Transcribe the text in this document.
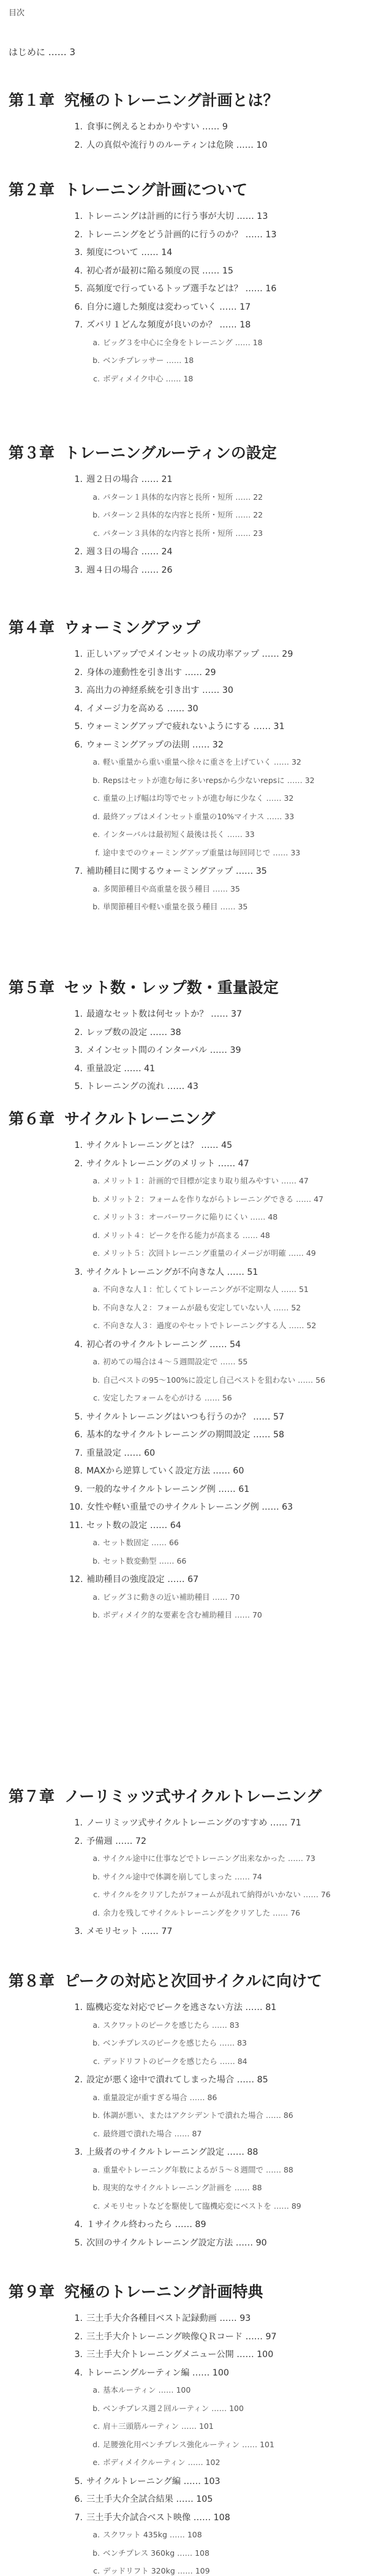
目次
はじめに …… 3
第１章 究極のトレーニング計画とは？
1. 食事に例えるとわかりやすい …… 9
2. 人の真似や流行りのルーティンは危険 …… 10
第２章 トレーニング計画について
1. トレーニングは計画的に行う事が大切 …… 13
2. トレーニングをどう計画的に行うのか？ …… 13
3. 頻度について …… 14
4. 初心者が最初に陥る頻度の罠 …… 15
5. 高頻度で行っているトップ選手などは？ …… 16
6. 自分に適した頻度は変わっていく …… 17
7. ズバリ１どんな頻度が良いのか？ …… 18
a. ビッグ３を中心に全身をトレーニング …… 18
b. ベンチプレッサー …… 18
c. ボディメイク中心 …… 18
第３章 トレーニングルーティンの設定
1. 週２日の場合 …… 21
a. パターン１具体的な内容と長所・短所 …… 22
b. パターン２具体的な内容と長所・短所 …… 22
c. パターン３具体的な内容と長所・短所 …… 23
2. 週３日の場合 …… 24
3. 週４日の場合 …… 26
第４章 ウォーミングアップ
1. 正しいアップでメインセットの成功率アップ …… 29
2. 身体の連動性を引き出す …… 29
3. 高出力の神経系統を引き出す …… 30
4. イメージ力を高める …… 30
5. ウォーミングアップで疲れないようにする …… 31
6. ウォーミングアップの法則 …… 32
a. 軽い重量から重い重量へ徐々に重さを上げていく …… 32
b. Repsはセットが進む毎に多いrepsから少ないrepsに …… 32
c. 重量の上げ幅は均等でセットが進む毎に少なく …… 32
d. 最終アップはメインセット重量の10%マイナス …… 33
e. インターバルは最初短く最後は長く …… 33
f. 途中までのウォーミングアップ重量は毎回同じで …… 33
7. 補助種目に関するウォーミングアップ …… 35
a. 多関節種目や高重量を扱う種目 …… 35
b. 単関節種目や軽い重量を扱う種目 …… 35
第５章 セット数・レップ数・重量設定
1. 最適なセット数は何セットか？ …… 37
2. レップ数の設定 …… 38
3. メインセット間のインターバル …… 39
4. 重量設定 …… 41
5. トレーニングの流れ …… 43
第６章 サイクルトレーニング
1. サイクルトレーニングとは？ …… 45
2. サイクルトレーニングのメリット …… 47
a. メリット１：計画的で目標が定まり取り組みやすい …… 47
b. メリット２：フォームを作りながらトレーニングできる …… 47
c. メリット３：オーバーワークに陥りにくい …… 48
d. メリット４：ピークを作る能力が高まる …… 48
e. メリット５：次回トレーニング重量のイメージが明確 …… 49
3. サイクルトレーニングが不向きな人 …… 51
a. 不向きな人１：忙しくてトレーニングが不定期な人 …… 51
b. 不向きな人２：フォームが最も安定していない人 …… 52
c. 不向きな人３：過度のやセットでトレーニングする人 …… 52
4. 初心者のサイクルトレーニング …… 54
a. 初めての場合は４〜５週間設定で …… 55
b. 自己ベストの95〜100%に設定し自己ベストを狙わない …… 56
c. 安定したフォームを心がける …… 56
5. サイクルトレーニングはいつも行うのか？ …… 57
6. 基本的なサイクルトレーニングの期間設定 …… 58
7. 重量設定 …… 60
8. MAXから逆算していく設定方法 …… 60
9. 一般的なサイクルトレーニング例 …… 61
10. 女性や軽い重量でのサイクルトレーニング例 …… 63
11. セット数の設定 …… 64
a. セット数固定 …… 66
b. セット数変動型 …… 66
12. 補助種目の強度設定 …… 67
a. ビッグ３に動きの近い補助種目 …… 70
b. ボディメイク的な要素を含む補助種目 …… 70
第７章 ノーリミッツ式サイクルトレーニング
1. ノーリミッツ式サイクルトレーニングのすすめ …… 71
2. 予備週 …… 72
a. サイクル途中に仕事などでトレーニング出来なかった …… 73
b. サイクル途中で体調を崩してしまった …… 74
c. サイクルをクリアしたがフォームが乱れて納得がいかない …… 76
d. 余力を残してサイクルトレーニングをクリアした …… 76
3. メモリセット …… 77
第８章 ピークの対応と次回サイクルに向けて
1. 臨機応変な対応でピークを逃さない方法 …… 81
a. スクワットのピークを感じたら …… 83
b. ベンチプレスのピークを感じたら …… 83
c. デッドリフトのピークを感じたら …… 84
2. 設定が悪く途中で潰れてしまった場合 …… 85
a. 重量設定が重すぎる場合 …… 86
b. 体調が悪い、またはアクシデントで潰れた場合 …… 86
c. 最終週で潰れた場合 …… 87
3. 上級者のサイクルトレーニング設定 …… 88
a. 重量やトレーニング年数によるが５〜８週間で …… 88
b. 現実的なサイクルトレーニング計画を …… 88
c. メモリセットなどを駆使して臨機応変にベストを …… 89
4. １サイクル終わったら …… 89
5. 次回のサイクルトレーニング設定方法 …… 90
第９章 究極のトレーニング計画特典
1. 三土手大介各種目ベスト記録動画 …… 93
2. 三土手大介トレーニング映像ＱＲコード …… 97
3. 三土手大介トレーニングメニュー公開 …… 100
4. トレーニングルーティン編 …… 100
a. 基本ルーティン …… 100
b. ベンチプレス週２回ルーティン …… 100
c. 肩＋三頭筋ルーティン …… 101
d. 足腰強化用ベンチプレス強化ルーティン …… 101
e. ボディメイクルーティン …… 102
5. サイクルトレーニング編 …… 103
6. 三土手大介全試合結果 …… 105
7. 三土手大介試合ベスト映像 …… 108
a. スクワット 435kg …… 108
b. ベンチプレス 360kg …… 108
c. デッドリフト 320kg …… 109
